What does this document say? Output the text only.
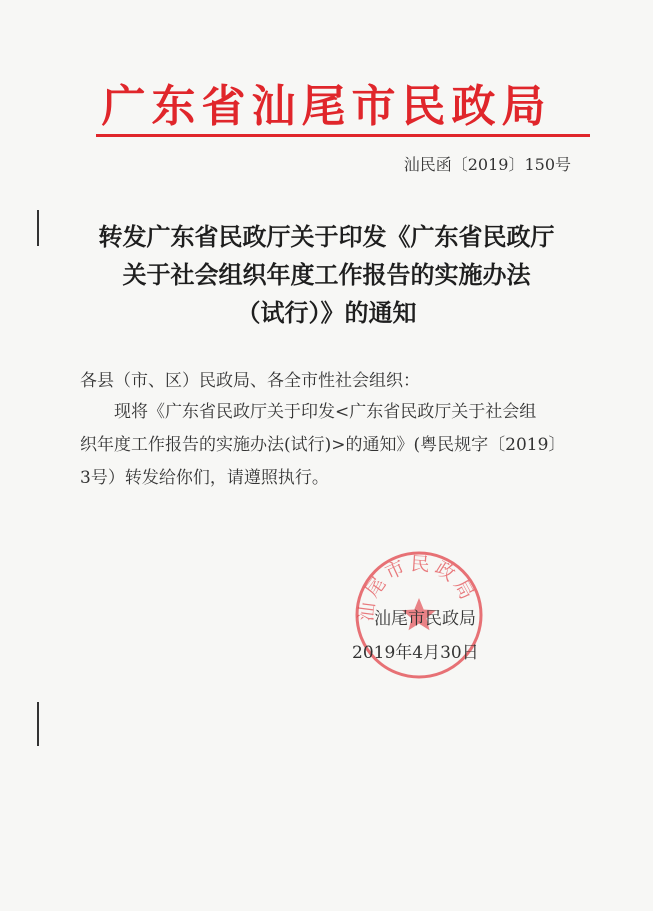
广东省汕尾市民政局
汕民函〔2019〕150号
转发广东省民政厅关于印发《广东省民政厅
关于社会组织年度工作报告的实施办法
（试行）》的通知
各县（市、区）民政局、各全市性社会组织：
现将《广东省民政厅关于印发<广东省民政厅关于社会组
织年度工作报告的实施办法(试行)>的通知》(粤民规字〔2019〕
3号）转发给你们，请遵照执行。
汕尾市民政局
汕尾市民政局
2019年4月30日
